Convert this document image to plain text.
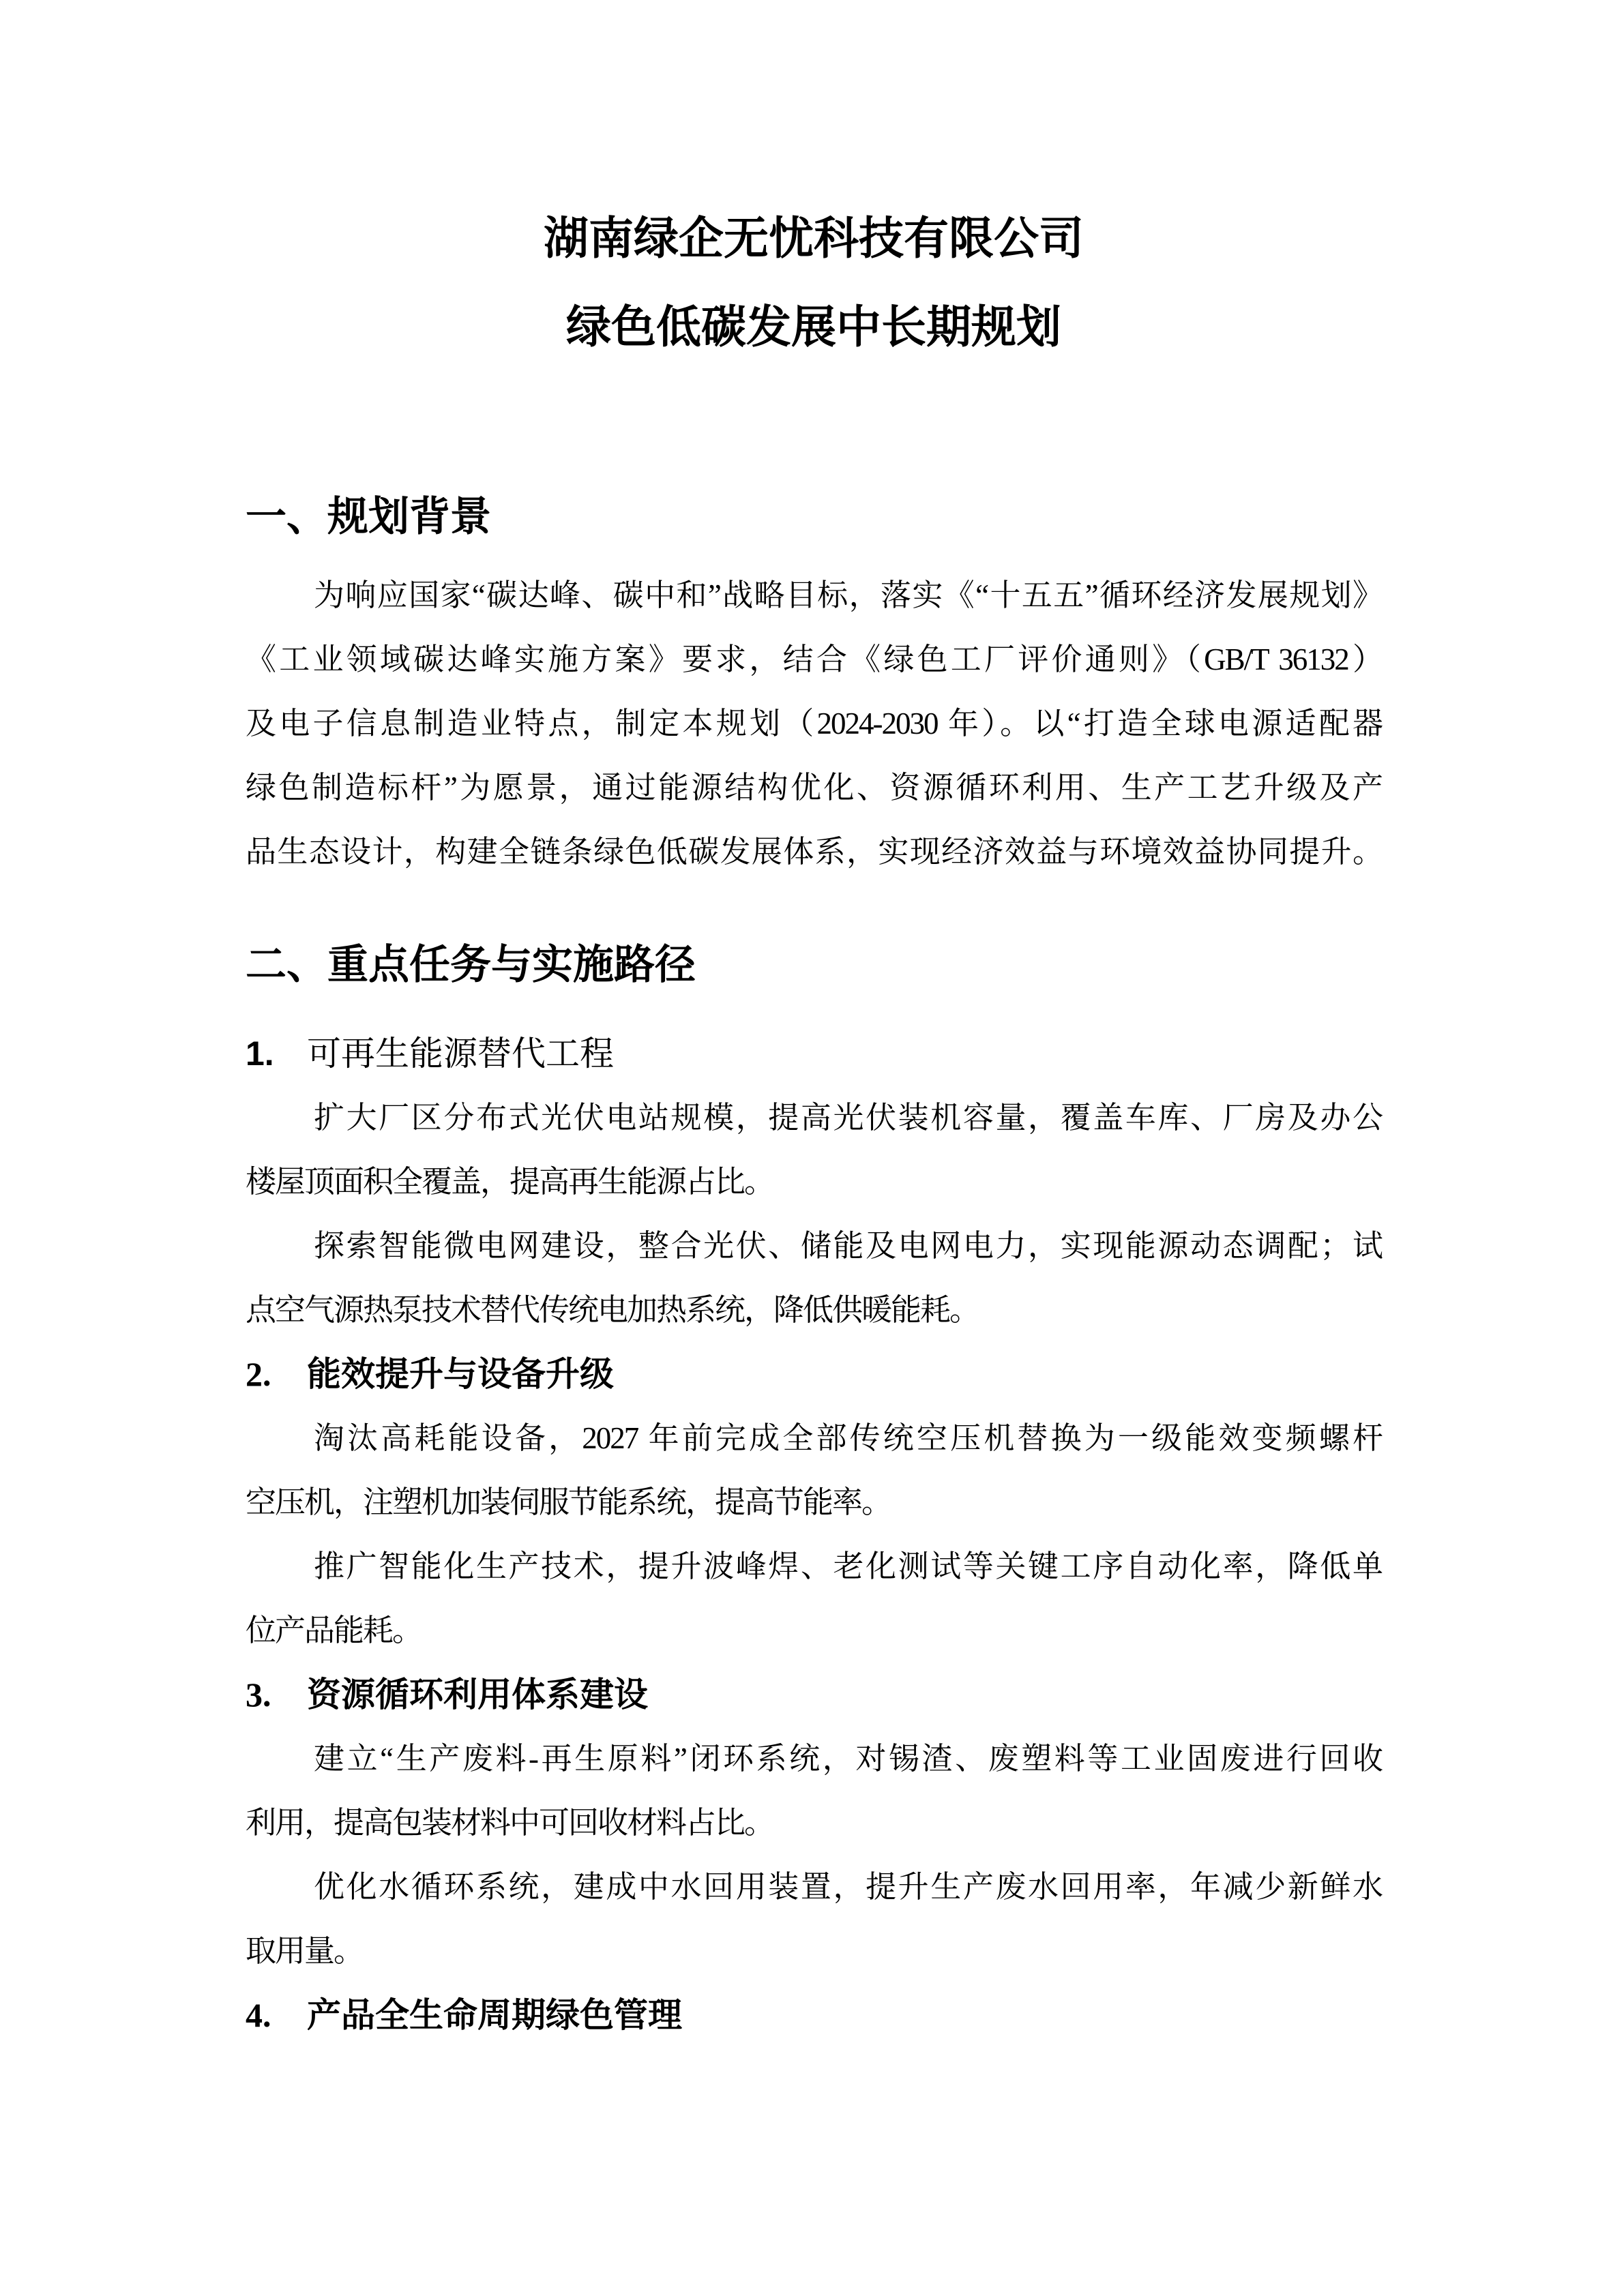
湖南绿企无忧科技有限公司
绿色低碳发展中长期规划
一、规划背景
为响应国家“碳达峰、碳中和”战略目标，落实《“十五五”循环经济发展规划》
《工业领域碳达峰实施方案》要求，结合《绿色工厂评价通则》（GB/T 36132）
及电子信息制造业特点，制定本规划（2024-2030 年）。以“打造全球电源适配器
绿色制造标杆”为愿景，通过能源结构优化、资源循环利用、生产工艺升级及产
品生态设计，构建全链条绿色低碳发展体系，实现经济效益与环境效益协同提升。
二、重点任务与实施路径
1. 可再生能源替代工程
扩大厂区分布式光伏电站规模，提高光伏装机容量，覆盖车库、厂房及办公
楼屋顶面积全覆盖，提高再生能源占比。
探索智能微电网建设，整合光伏、储能及电网电力，实现能源动态调配；试
点空气源热泵技术替代传统电加热系统，降低供暖能耗。
2.	能效提升与设备升级
淘汰高耗能设备，2027 年前完成全部传统空压机替换为一级能效变频螺杆
空压机，注塑机加装伺服节能系统，提高节能率。
推广智能化生产技术，提升波峰焊、老化测试等关键工序自动化率，降低单
位产品能耗。
3.	资源循环利用体系建设
建立“生产废料-再生原料”闭环系统，对锡渣、废塑料等工业固废进行回收
利用，提高包装材料中可回收材料占比。
优化水循环系统，建成中水回用装置，提升生产废水回用率，年减少新鲜水
取用量。
4.	产品全生命周期绿色管理
